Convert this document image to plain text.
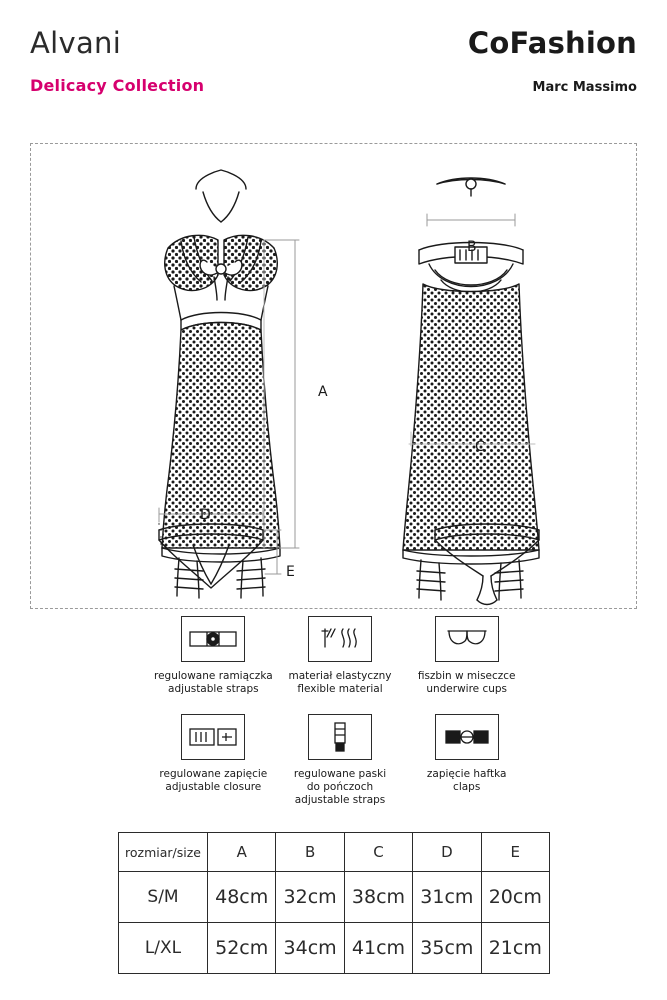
Alvani
Delicacy Collection
CoFashion
Marc Massimo
A
B
C
D
E
regulowane ramiączka
adjustable straps
materiał elastyczny
flexible material
fiszbin w miseczce
underwire cups
regulowane zapięcie
adjustable closure
regulowane paski
do pończoch
adjustable straps
zapięcie haftka
claps
rozmiar/size	A	B	C	D	E
S/M	48cm	32cm	38cm	31cm	20cm
L/XL	52cm	34cm	41cm	35cm	21cm
